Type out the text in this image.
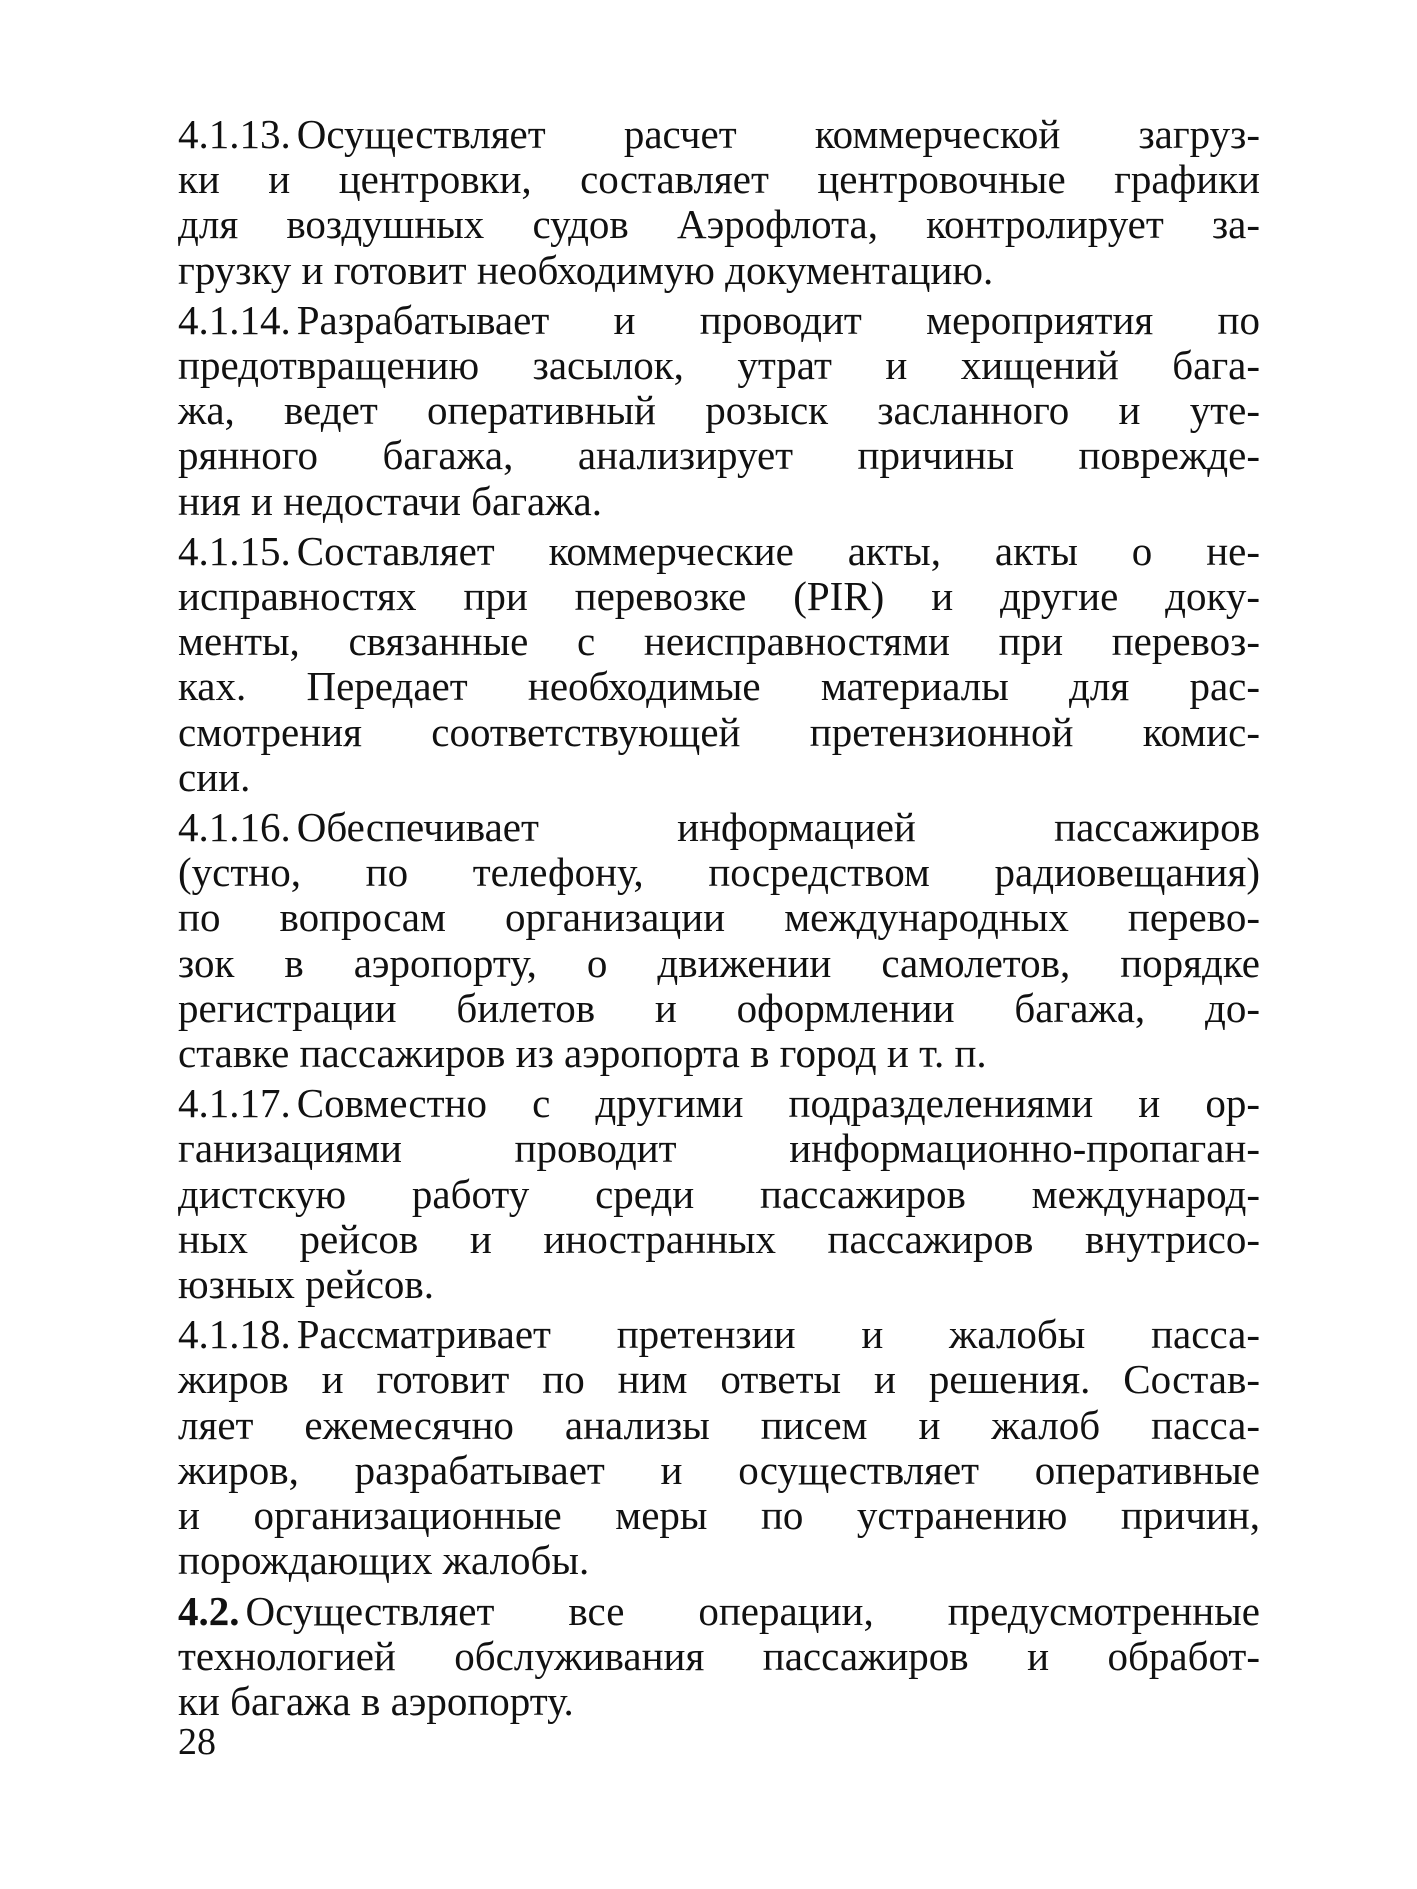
4.1.13. Осуществляет расчет коммерческой загруз-
ки и центровки, составляет центровочные графики
для воздушных судов Аэрофлота, контролирует за-
грузку и готовит необходимую документацию.

4.1.14. Разрабатывает и проводит мероприятия по
предотвращению засылок, утрат и хищений бага-
жа, ведет оперативный розыск засланного и уте-
рянного багажа, анализирует причины поврежде-
ния и недостачи багажа.

4.1.15. Составляет коммерческие акты, акты о не-
исправностях при перевозке (PIR) и другие доку-
менты, связанные с неисправностями при перевоз-
ках. Передает необходимые материалы для рас-
смотрения соответствующей претензионной комис-
сии.

4.1.16. Обеспечивает информацией пассажиров
(устно, по телефону, посредством радиовещания)
по вопросам организации международных перево-
зок в аэропорту, о движении самолетов, порядке
регистрации билетов и оформлении багажа, до-
ставке пассажиров из аэропорта в город и т. п.

4.1.17. Совместно с другими подразделениями и ор-
ганизациями проводит информационно-пропаган-
дистскую работу среди пассажиров международ-
ных рейсов и иностранных пассажиров внутрисо-
юзных рейсов.

4.1.18. Рассматривает претензии и жалобы пасса-
жиров и готовит по ним ответы и решения. Состав-
ляет ежемесячно анализы писем и жалоб пасса-
жиров, разрабатывает и осуществляет оперативные
и организационные меры по устранению причин,
порождающих жалобы.

4.2. Осуществляет все операции, предусмотренные
технологией обслуживания пассажиров и обработ-
ки багажа в аэропорту.

28
